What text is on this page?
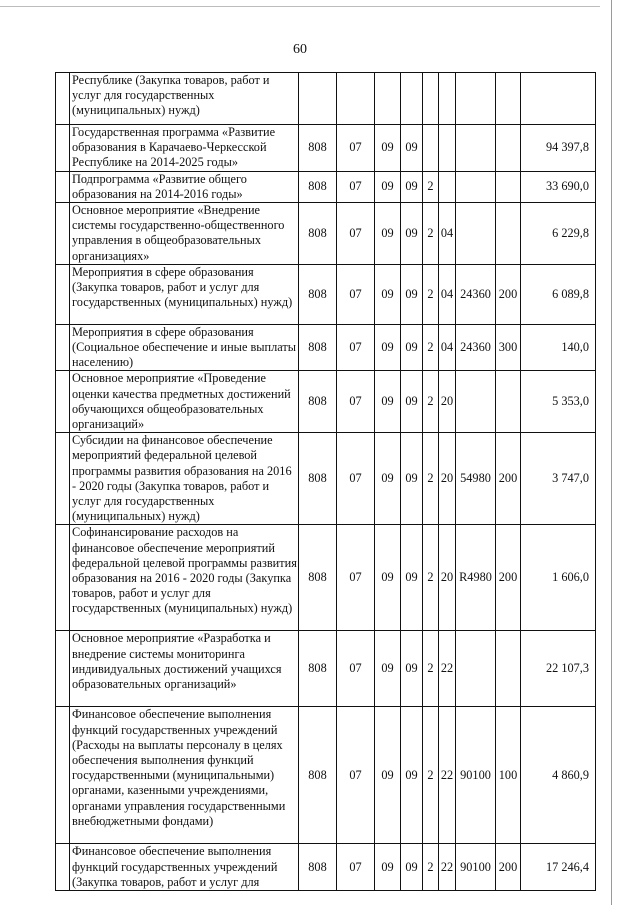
60
	Республике (Закупка товаров, работ и услуг для государственных (муниципальных) нужд)									
	Государственная программа «Развитие образования в Карачаево-Черкесской Республике на 2014-2025 годы»	808	07	09	09					94 397,8
	Подпрограмма «Развитие общего образования на 2014-2016 годы»	808	07	09	09	2				33 690,0
	Основное мероприятие «Внедрение системы государственно-общественного управления в общеобразовательных организациях»	808	07	09	09	2	04			6 229,8
	Мероприятия в сфере образования (Закупка товаров, работ и услуг для государственных (муниципальных) нужд)	808	07	09	09	2	04	24360	200	6 089,8
	Мероприятия в сфере образования (Социальное обеспечение и иные выплаты населению)	808	07	09	09	2	04	24360	300	140,0
	Основное мероприятие «Проведение оценки качества предметных достижений обучающихся общеобразовательных организаций»	808	07	09	09	2	20			5 353,0
	Субсидии на финансовое обеспечение мероприятий федеральной целевой программы развития образования на 2016 - 2020 годы (Закупка товаров, работ и услуг для государственных (муниципальных) нужд)	808	07	09	09	2	20	54980	200	3 747,0
	Софинансирование расходов на финансовое обеспечение мероприятий федеральной целевой программы развития образования на 2016 - 2020 годы (Закупка товаров, работ и услуг для государственных (муниципальных) нужд)	808	07	09	09	2	20	R4980	200	1 606,0
	Основное мероприятие «Разработка и внедрение системы мониторинга индивидуальных достижений учащихся образовательных организаций»	808	07	09	09	2	22			22 107,3
	Финансовое обеспечение выполнения функций государственных учреждений (Расходы на выплаты персоналу в целях обеспечения выполнения функций государственными (муниципальными) органами, казенными учреждениями, органами управления государственными внебюджетными фондами)	808	07	09	09	2	22	90100	100	4 860,9
	Финансовое обеспечение выполнения функций государственных учреждений (Закупка товаров, работ и услуг для	808	07	09	09	2	22	90100	200	17 246,4
